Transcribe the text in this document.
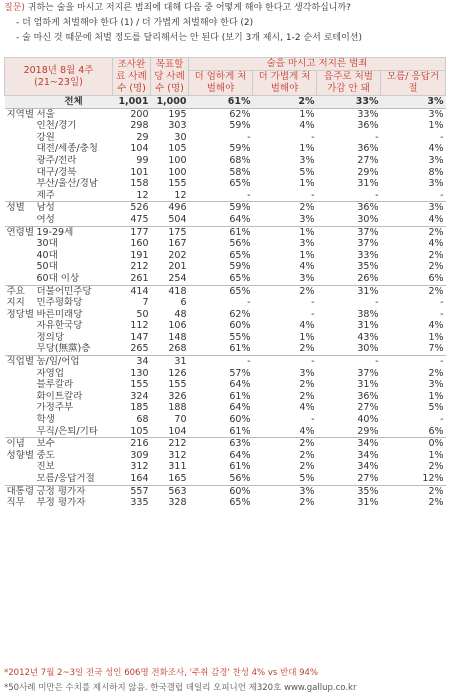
질문) 귀하는 술을 마시고 저지른 범죄에 대해 다음 중 어떻게 해야 한다고 생각하십니까?
- 더 엄하게 처벌해야 한다 (1) / 더 가볍게 처벌해야 한다 (2)
- 술 마신 것 때문에 처벌 정도를 달리해서는 안 된다 (보기 3개 제시, 1-2 순서 로테이션)
2018년 8월 4주
(21~23일)		조사완료 사례수 (명)	목표할당 사례수 (명)	술을 마시고 저지른 범죄			
				더 엄하게 처벌해야	더 가볍게 처벌해야	음주로 처벌 가감 안 돼	모름/ 응답거절
	전체	1,001	1,000	61%	2%	33%	3%
지역별	서울	200	195	62%	1%	33%	3%
	인천/경기	298	303	59%	4%	36%	1%
	강원	29	30	-	-	-	-
	대전/세종/충청	104	105	59%	1%	36%	4%
	광주/전라	99	100	68%	3%	27%	3%
	대구/경북	101	100	58%	5%	29%	8%
	부산/울산/경남	158	155	65%	1%	31%	3%
	제주	12	12	-	-	-	-
성별	남성	526	496	59%	2%	36%	3%
	여성	475	504	64%	3%	30%	4%
연령별	19-29세	177	175	61%	1%	37%	2%
	30대	160	167	56%	3%	37%	4%
	40대	191	202	65%	1%	33%	2%
	50대	212	201	59%	4%	35%	2%
	60대 이상	261	254	65%	3%	26%	6%
주요	더불어민주당	414	418	65%	2%	31%	2%
지지	민주평화당	7	6	-	-	-	-
정당별	바른미래당	50	48	62%	-	38%	-
	자유한국당	112	106	60%	4%	31%	4%
	정의당	147	148	55%	1%	43%	1%
	무당(無黨)층	265	268	61%	2%	30%	7%
직업별	농/임/어업	34	31	-	-	-	-
	자영업	130	126	57%	3%	37%	2%
	블루칼라	155	155	64%	2%	31%	3%
	화이트칼라	324	326	61%	2%	36%	1%
	가정주부	185	188	64%	4%	27%	5%
	학생	68	70	60%	-	40%	-
	무직/은퇴/기타	105	104	61%	4%	29%	6%
이념	보수	216	212	63%	2%	34%	0%
성향별	중도	309	312	64%	2%	34%	1%
	진보	312	311	61%	2%	34%	2%
	모름/응답거절	164	165	56%	5%	27%	12%
대통령	긍정 평가자	557	563	60%	3%	35%	2%
직무	부정 평가자	335	328	65%	2%	31%	2%
*2012년 7월 2~3일 전국 성인 606명 전화조사, '주취 감경' 찬성 4% vs 반대 94%
*50사례 미만은 수치를 제시하지 않음. 한국갤럽 데일리 오피니언 제320호 www.gallup.co.kr
